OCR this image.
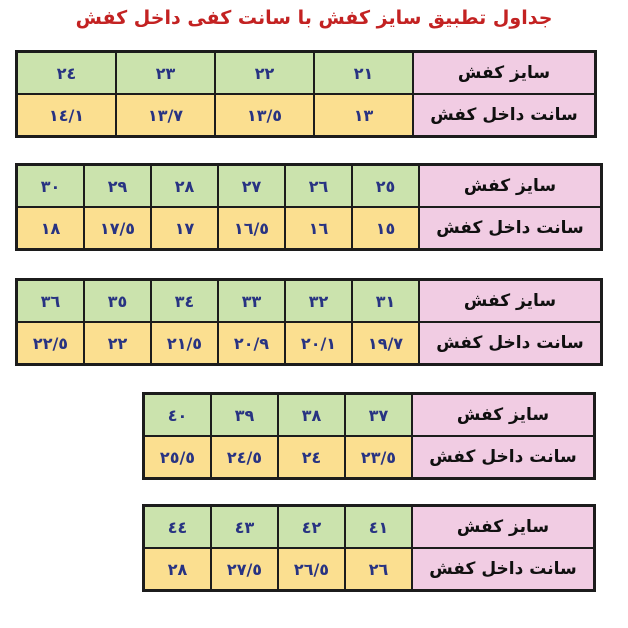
جداول تطبيق سايز كفش با سانت كفى داخل كفش
٢٤	٢٣	٢٢	٢١	سايز كفش
١٤/١	١٣/٧	١٣/٥	١٣	سانت داخل كفش
٣٠	٢٩	٢٨	٢٧	٢٦	٢٥	سايز كفش
١٨	١٧/٥	١٧	١٦/٥	١٦	١٥	سانت داخل كفش
٣٦	٣٥	٣٤	٣٣	٣٢	٣١	سايز كفش
٢٢/٥	٢٢	٢١/٥	٢٠/٩	٢٠/١	١٩/٧	سانت داخل كفش
٤٠	٣٩	٣٨	٣٧	سايز كفش
٢٥/٥	٢٤/٥	٢٤	٢٣/٥	سانت داخل كفش
٤٤	٤٣	٤٢	٤١	سايز كفش
٢٨	٢٧/٥	٢٦/٥	٢٦	سانت داخل كفش
